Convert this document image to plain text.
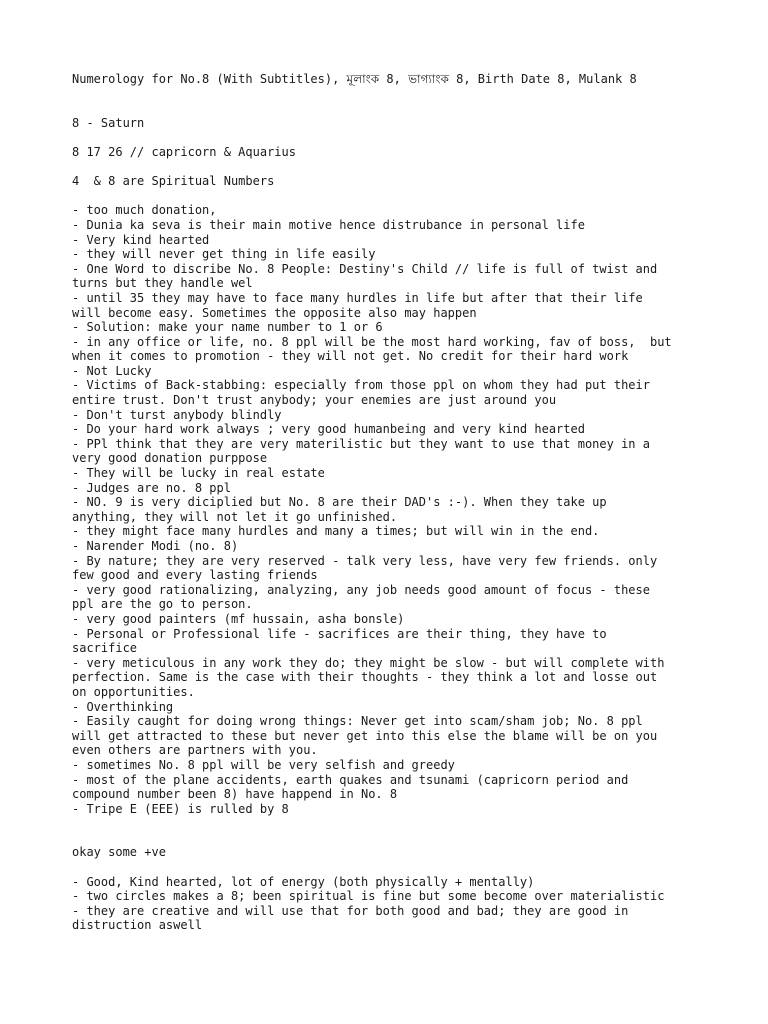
Numerology for No.8 (With Subtitles), মূলাংক 8, ভাগ্যাংক 8, Birth Date 8, Mulank 8
8 - Saturn
8 17 26 // capricorn & Aquarius
4  & 8 are Spiritual Numbers
- too much donation,
- Dunia ka seva is their main motive hence distrubance in personal life
- Very kind hearted
- they will never get thing in life easily
- One Word to discribe No. 8 People: Destiny's Child // life is full of twist and
turns but they handle wel
- until 35 they may have to face many hurdles in life but after that their life
will become easy. Sometimes the opposite also may happen
- Solution: make your name number to 1 or 6
- in any office or life, no. 8 ppl will be the most hard working, fav of boss,  but
when it comes to promotion - they will not get. No credit for their hard work
- Not Lucky
- Victims of Back-stabbing: especially from those ppl on whom they had put their
entire trust. Don't trust anybody; your enemies are just around you
- Don't turst anybody blindly
- Do your hard work always ; very good humanbeing and very kind hearted
- PPl think that they are very materilistic but they want to use that money in a
very good donation purppose
- They will be lucky in real estate
- Judges are no. 8 ppl
- NO. 9 is very diciplied but No. 8 are their DAD's :-). When they take up
anything, they will not let it go unfinished.
- they might face many hurdles and many a times; but will win in the end.
- Narender Modi (no. 8)
- By nature; they are very reserved - talk very less, have very few friends. only
few good and every lasting friends
- very good rationalizing, analyzing, any job needs good amount of focus - these
ppl are the go to person.
- very good painters (mf hussain, asha bonsle)
- Personal or Professional life - sacrifices are their thing, they have to
sacrifice
- very meticulous in any work they do; they might be slow - but will complete with
perfection. Same is the case with their thoughts - they think a lot and losse out
on opportunities.
- Overthinking
- Easily caught for doing wrong things: Never get into scam/sham job; No. 8 ppl
will get attracted to these but never get into this else the blame will be on you
even others are partners with you.
- sometimes No. 8 ppl will be very selfish and greedy
- most of the plane accidents, earth quakes and tsunami (capricorn period and
compound number been 8) have happend in No. 8
- Tripe E (EEE) is rulled by 8
okay some +ve
- Good, Kind hearted, lot of energy (both physically + mentally)
- two circles makes a 8; been spiritual is fine but some become over materialistic
- they are creative and will use that for both good and bad; they are good in
distruction aswell
